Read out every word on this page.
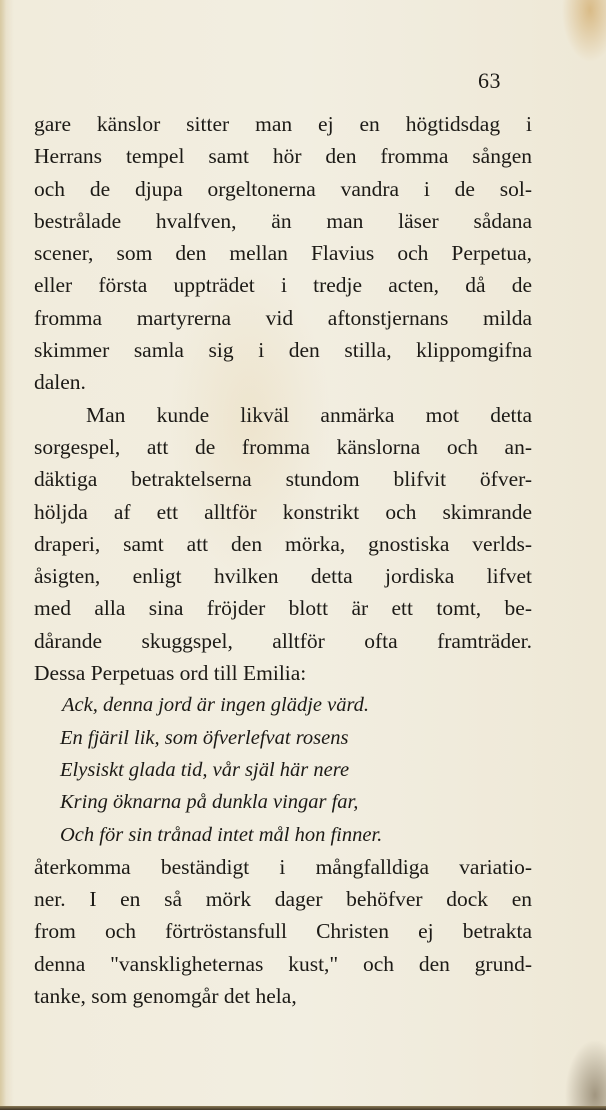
63
gare känslor sitter man ej en högtidsdag i
Herrans tempel samt hör den fromma sången
och de djupa orgeltonerna vandra i de sol-
bestrålade hvalfven, än man läser sådana
scener, som den mellan Flavius och Perpetua,
eller första uppträdet i tredje acten, då de
fromma martyrerna vid aftonstjernans milda
skimmer samla sig i den stilla, klippomgifna
dalen.
Man kunde likväl anmärka mot detta
sorgespel, att de fromma känslorna och an-
däktiga betraktelserna stundom blifvit öfver-
höljda af ett alltför konstrikt och skimrande
draperi, samt att den mörka, gnostiska verlds-
åsigten, enligt hvilken detta jordiska lifvet
med alla sina fröjder blott är ett tomt, be-
dårande skuggspel, alltför ofta framträder.
Dessa Perpetuas ord till Emilia:
Ack, denna jord är ingen glädje värd.
En fjäril lik, som öfverlefvat rosens
Elysiskt glada tid, vår själ här nere
Kring öknarna på dunkla vingar far,
Och för sin trånad intet mål hon finner.
återkomma beständigt i mångfalldiga variatio-
ner. I en så mörk dager behöfver dock en
from och förtröstansfull Christen ej betrakta
denna "vanskligheternas kust," och den grund-
tanke, som genomgår det hela,
